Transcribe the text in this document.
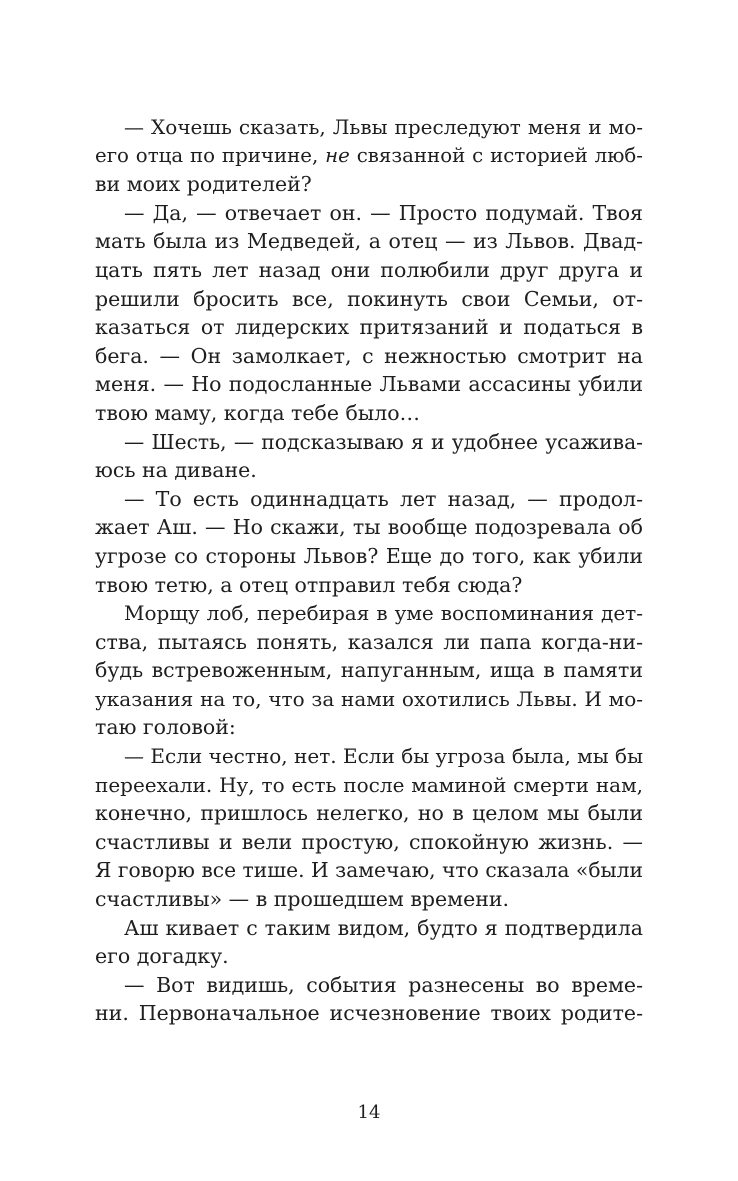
— Хочешь сказать, Львы преследуют меня и мо-
его отца по причине, не связанной с историей люб-
ви моих родителей?
— Да, — отвечает он. — Просто подумай. Твоя
мать была из Медведей, а отец — из Львов. Двад-
цать пять лет назад они полюбили друг друга и
решили бросить все, покинуть свои Семьи, от-
казаться от лидерских притязаний и податься в
бега. — Он замолкает, с нежностью смотрит на
меня. — Но подосланные Львами ассасины убили
твою маму, когда тебе было…
— Шесть, — подсказываю я и удобнее усажива-
юсь на диване.
— То есть одиннадцать лет назад, — продол-
жает Аш. — Но скажи, ты вообще подозревала об
угрозе со стороны Львов? Еще до того, как убили
твою тетю, а отец отправил тебя сюда?
Морщу лоб, перебирая в уме воспоминания дет-
ства, пытаясь понять, казался ли папа когда-ни-
будь встревоженным, напуганным, ища в памяти
указания на то, что за нами охотились Львы. И мо-
таю головой:
— Если честно, нет. Если бы угроза была, мы бы
переехали. Ну, то есть после маминой смерти нам,
конечно, пришлось нелегко, но в целом мы были
счастливы и вели простую, спокойную жизнь. —
Я говорю все тише. И замечаю, что сказала «были
счастливы» — в прошедшем времени.
Аш кивает с таким видом, будто я подтвердила
его догадку.
— Вот видишь, события разнесены во време-
ни. Первоначальное исчезновение твоих родите-
14
